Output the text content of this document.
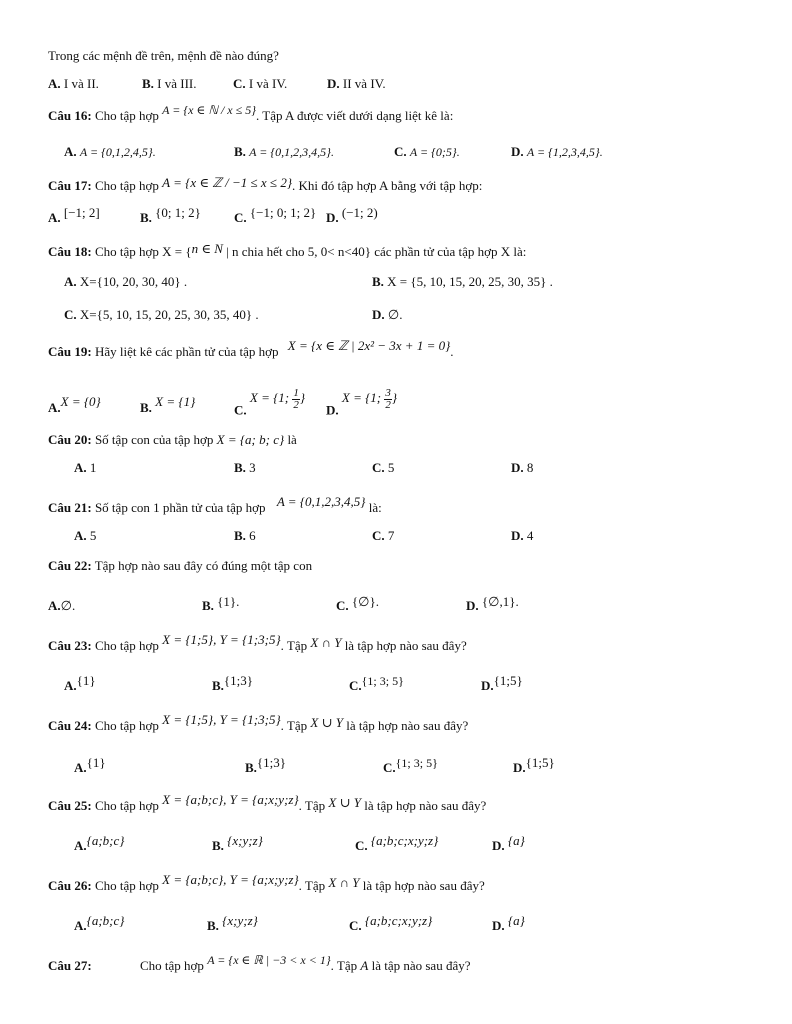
Trong các mệnh đề trên, mệnh đề nào đúng?
A. I và II.	B. I và III.	C. I và IV.	D. II và IV.
Câu 16: Cho tập hợp A = {x ∈ ℕ / x ≤ 5}. Tập A được viết dưới dạng liệt kê là:
A. A = {0,1,2,4,5}.	B. A = {0,1,2,3,4,5}.	C. A = {0;5}.	D. A = {1,2,3,4,5}.
Câu 17: Cho tập hợp A = {x ∈ ℤ / −1 ≤ x ≤ 2}. Khi đó tập hợp A bằng với tập hợp:
A. [−1; 2]	B. {0; 1; 2}	C. {−1; 0; 1; 2} D. (−1; 2)
Câu 18: Cho tập hợp X = {n ∈ N | n chia hết cho 5, 0< n<40} các phần tử của tập hợp X là:
A. X={10, 20, 30, 40} .	B. X = {5, 10, 15, 20, 25, 30, 35} .
C. X={5, 10, 15, 20, 25, 30, 35, 40} .	D. ∅.
Câu 19: Hãy liệt kê các phần tử của tập hợp X = {x ∈ ℤ | 2x² − 3x + 1 = 0}.
A.X = {0}	B. X = {1}
C. X = {1; $\frac{1}{2}$ }
D. X = {1; $\frac{3}{2}$ }
Câu 20: Số tập con của tập hợp X = {a; b; c} là
A. 1	B. 3	C. 5	D. 8
Câu 21: Số tập con 1 phần tử của tập hợp A = {0,1,2,3,4,5} là:
A. 5	B. 6	C. 7	D. 4
Câu 22: Tập hợp nào sau đây có đúng một tập con
A.∅.	B. {1}.	C. {∅}.	D. {∅,1}.
Câu 23: Cho tập hợp X = {1;5}, Y = {1;3;5}. Tập X ∩ Y là tập hợp nào sau đây?
A.{1}	B.{1;3}	C.{1; 3; 5}	D.{1;5}
Câu 24: Cho tập hợp X = {1;5}, Y = {1;3;5}. Tập X ∪ Y là tập hợp nào sau đây?
A.{1}	B.{1;3}	C.{1; 3; 5}	D.{1;5}
Câu 25: Cho tập hợp X = {a;b;c}, Y = {a;x;y;z}. Tập X ∪ Y là tập hợp nào sau đây?
A.{a;b;c}	B. {x;y;z}	C. {a;b;c;x;y;z}	D. {a}
Câu 26: Cho tập hợp X = {a;b;c}, Y = {a;x;y;z}. Tập X ∩ Y là tập hợp nào sau đây?
A.{a;b;c}	B. {x;y;z}	C. {a;b;c;x;y;z}	D. {a}
Câu 27:	Cho tập hợp A = {x ∈ ℝ | −3 < x < 1}. Tập A là tập nào sau đây?
